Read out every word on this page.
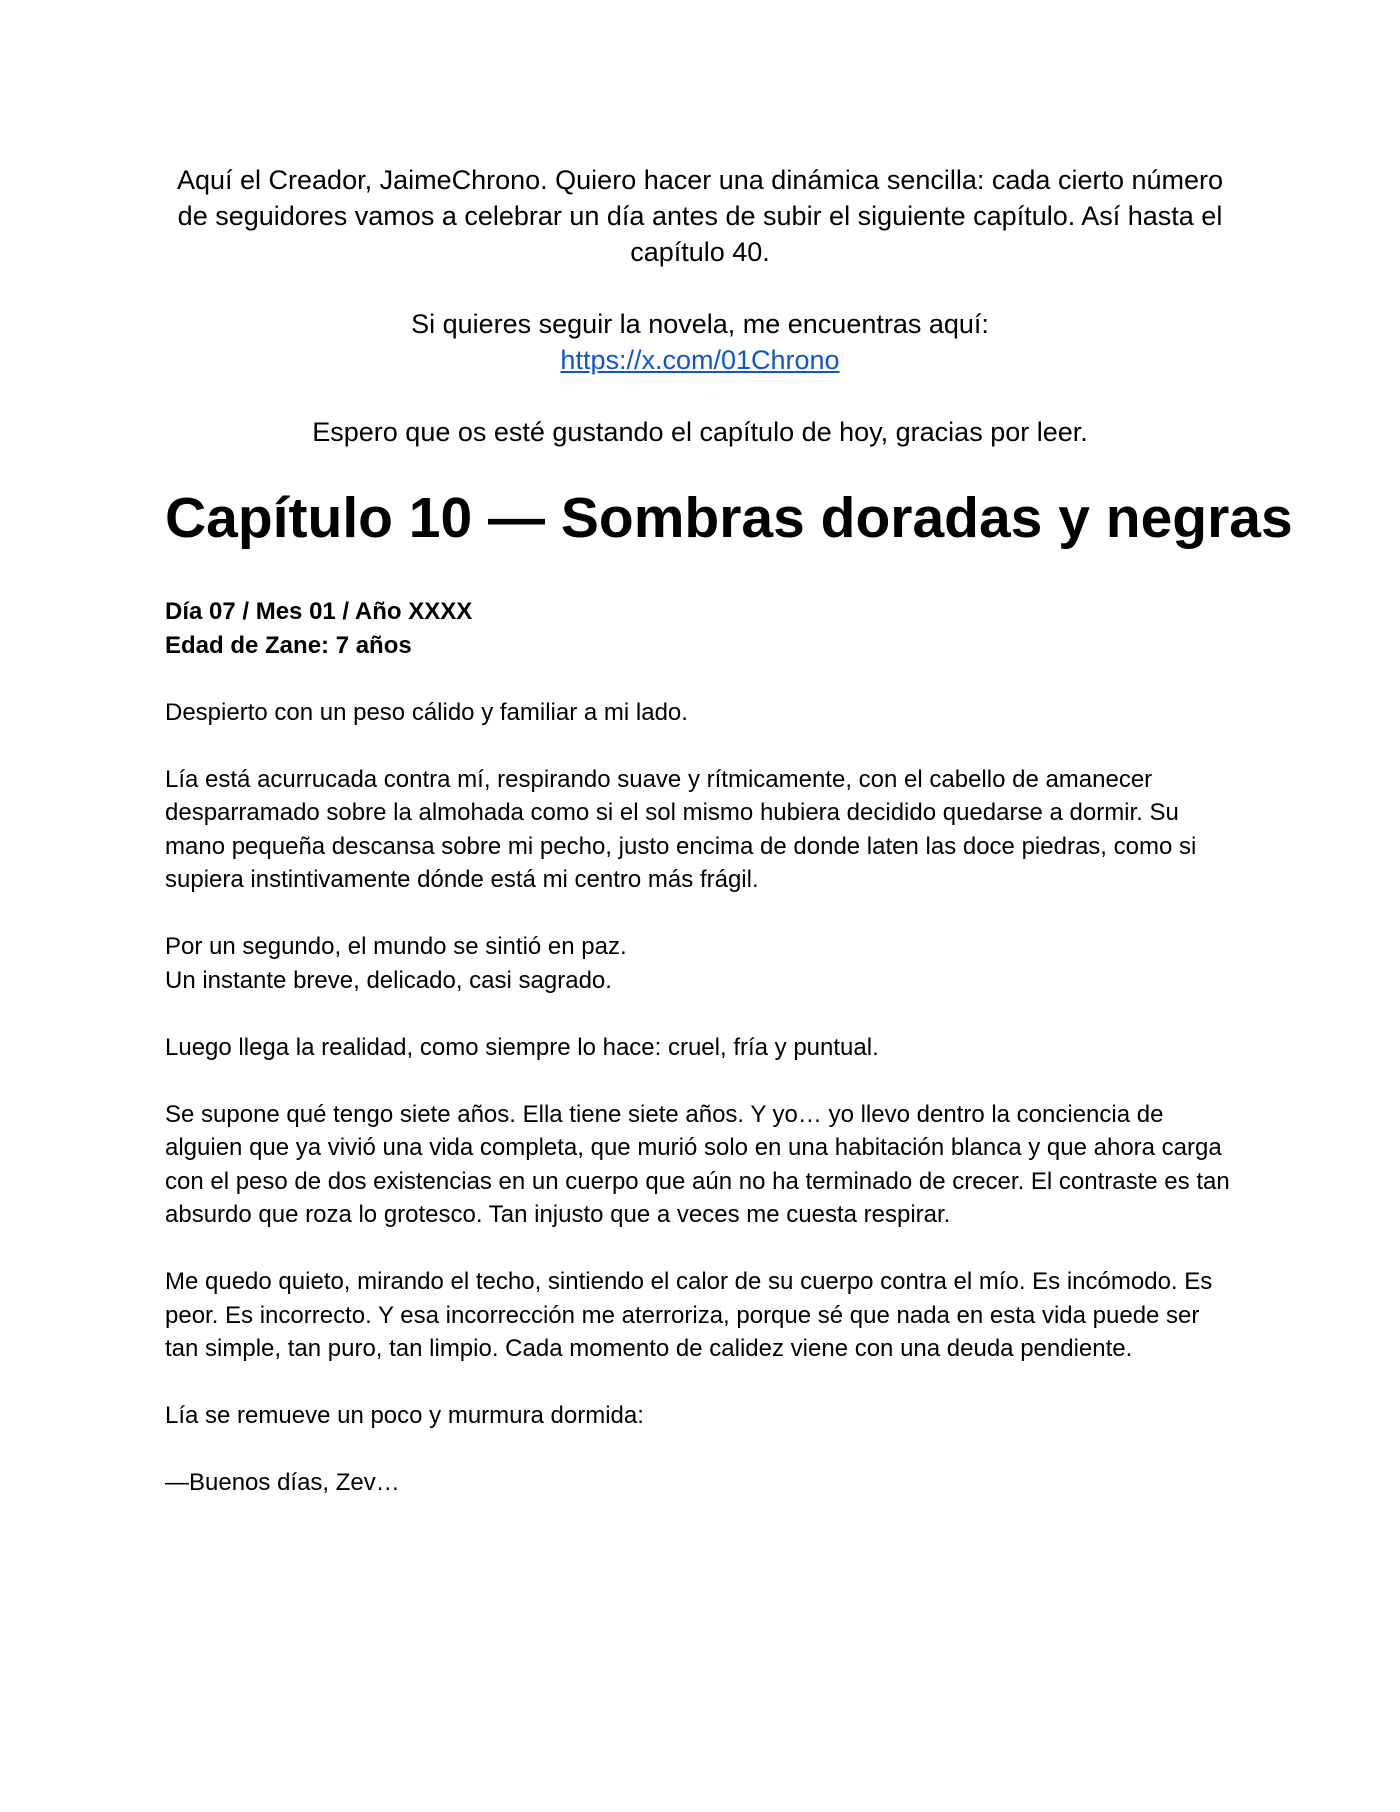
Aquí el Creador, JaimeChrono. Quiero hacer una dinámica sencilla: cada cierto número de seguidores vamos a celebrar un día antes de subir el siguiente capítulo. Así hasta el capítulo 40.

Si quieres seguir la novela, me encuentras aquí:
https://x.com/01Chrono

Espero que os esté gustando el capítulo de hoy, gracias por leer.

Capítulo 10 — Sombras doradas y negras

Día 07 / Mes 01 / Año XXXX
Edad de Zane: 7 años

Despierto con un peso cálido y familiar a mi lado.

Lía está acurrucada contra mí, respirando suave y rítmicamente, con el cabello de amanecer desparramado sobre la almohada como si el sol mismo hubiera decidido quedarse a dormir. Su mano pequeña descansa sobre mi pecho, justo encima de donde laten las doce piedras, como si supiera instintivamente dónde está mi centro más frágil.

Por un segundo, el mundo se sintió en paz.
Un instante breve, delicado, casi sagrado.

Luego llega la realidad, como siempre lo hace: cruel, fría y puntual.

Se supone qué tengo siete años. Ella tiene siete años. Y yo… yo llevo dentro la conciencia de alguien que ya vivió una vida completa, que murió solo en una habitación blanca y que ahora carga con el peso de dos existencias en un cuerpo que aún no ha terminado de crecer. El contraste es tan absurdo que roza lo grotesco. Tan injusto que a veces me cuesta respirar.

Me quedo quieto, mirando el techo, sintiendo el calor de su cuerpo contra el mío. Es incómodo. Es peor. Es incorrecto. Y esa incorrección me aterroriza, porque sé que nada en esta vida puede ser tan simple, tan puro, tan limpio. Cada momento de calidez viene con una deuda pendiente.

Lía se remueve un poco y murmura dormida:

—Buenos días, Zev…
